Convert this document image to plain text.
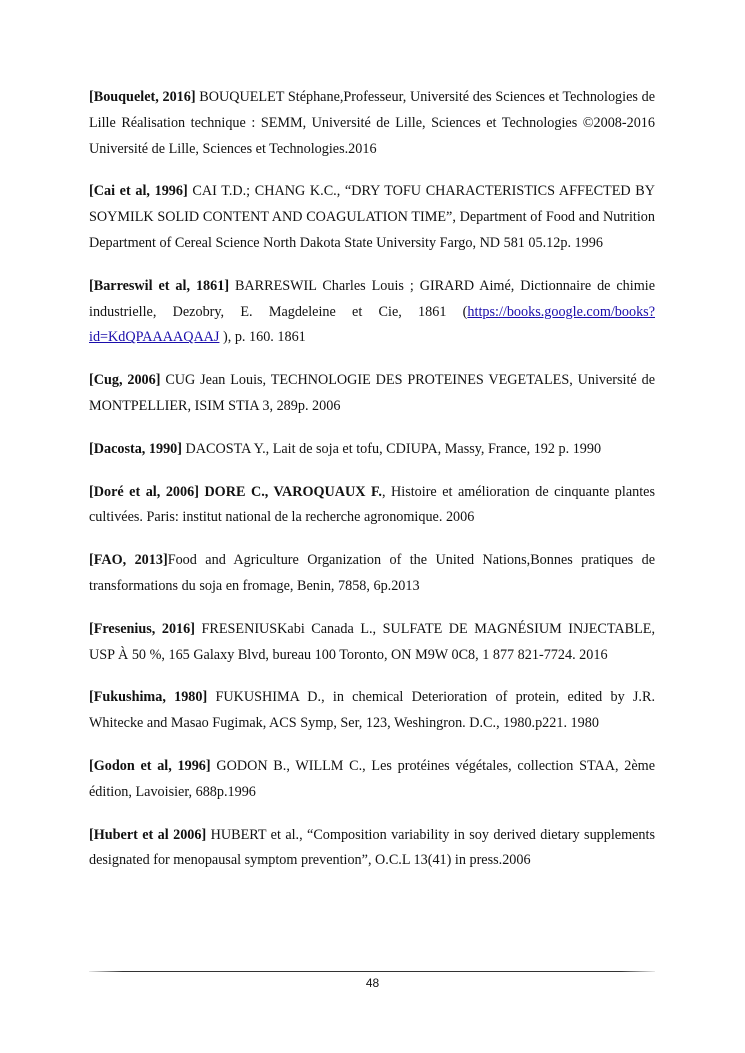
[Bouquelet, 2016] BOUQUELET Stéphane,Professeur, Université des Sciences et Technologies de Lille Réalisation technique : SEMM, Université de Lille, Sciences et Technologies ©2008-2016 Université de Lille, Sciences et Technologies.2016

[Cai et al, 1996] CAI T.D.; CHANG K.C., “DRY TOFU CHARACTERISTICS AFFECTED BY SOYMILK SOLID CONTENT AND COAGULATION TIME”, Department of Food and Nutrition Department of Cereal Science North Dakota State University Fargo, ND 581 05.12p. 1996

[Barreswil et al, 1861] BARRESWIL Charles Louis ; GIRARD Aimé, Dictionnaire de chimie industrielle, Dezobry, E. Magdeleine et Cie, 1861 (https://books.google.com/books?id=KdQPAAAAQAAJ ), p. 160. 1861

[Cug, 2006] CUG Jean Louis, TECHNOLOGIE DES PROTEINES VEGETALES, Université de MONTPELLIER, ISIM STIA 3, 289p. 2006

[Dacosta, 1990] DACOSTA Y., Lait de soja et tofu, CDIUPA, Massy, France, 192 p. 1990

[Doré et al, 2006] DORE C., VAROQUAUX F., Histoire et amélioration de cinquante plantes cultivées. Paris: institut national de la recherche agronomique. 2006

[FAO, 2013]Food and Agriculture Organization of the United Nations,Bonnes pratiques de transformations du soja en fromage, Benin, 7858, 6p.2013

[Fresenius, 2016] FRESENIUSKabi Canada L., SULFATE DE MAGNÉSIUM INJECTABLE, USP À 50 %, 165 Galaxy Blvd, bureau 100 Toronto, ON M9W 0C8, 1 877 821-7724. 2016

[Fukushima, 1980] FUKUSHIMA D., in chemical Deterioration of protein, edited by J.R. Whitecke and Masao Fugimak, ACS Symp, Ser, 123, Weshingron. D.C., 1980.p221. 1980

[Godon et al, 1996] GODON B., WILLM C., Les protéines végétales, collection STAA, 2ème édition, Lavoisier, 688p.1996

[Hubert et al 2006] HUBERT et al., “Composition variability in soy derived dietary supplements designated for menopausal symptom prevention”, O.C.L 13(41) in press.2006

48
